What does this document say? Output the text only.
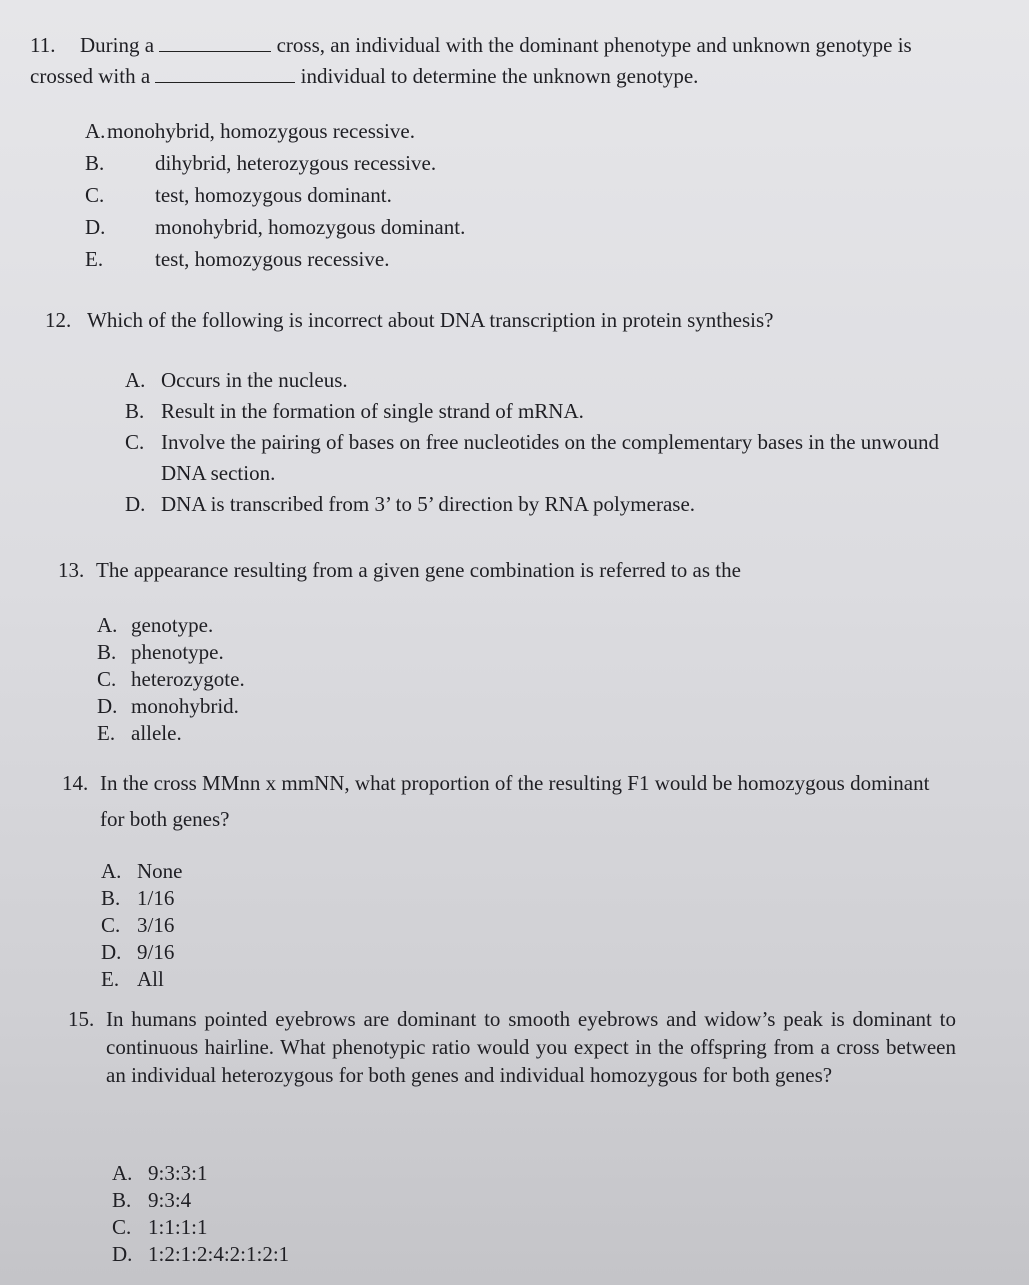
11. During a	cross, an individual with the dominant phenotype and unknown genotype is crossed with a	individual to determine the unknown genotype.
A.monohybrid, homozygous recessive.
B. dihybrid, heterozygous recessive.
C. test, homozygous dominant.
D. monohybrid, homozygous dominant.
E. test, homozygous recessive.
12. Which of the following is incorrect about DNA transcription in protein synthesis?
A. Occurs in the nucleus.
B. Result in the formation of single strand of mRNA.
C. Involve the pairing of bases on free nucleotides on the complementary bases in the unwound DNA section.
D. DNA is transcribed from 3’ to 5’ direction by RNA polymerase.
13. The appearance resulting from a given gene combination is referred to as the
A. genotype.
B. phenotype.
C. heterozygote.
D. monohybrid.
E. allele.
14. In the cross MMnn x mmNN, what proportion of the resulting F1 would be homozygous dominant for both genes?
A. None
B. 1/16
C. 3/16
D. 9/16
E. All
15. In humans pointed eyebrows are dominant to smooth eyebrows and widow’s peak is dominant to continuous hairline. What phenotypic ratio would you expect in the offspring from a cross between an individual heterozygous for both genes and individual homozygous for both genes?
A. 9:3:3:1
B. 9:3:4
C. 1:1:1:1
D. 1:2:1:2:4:2:1:2:1
